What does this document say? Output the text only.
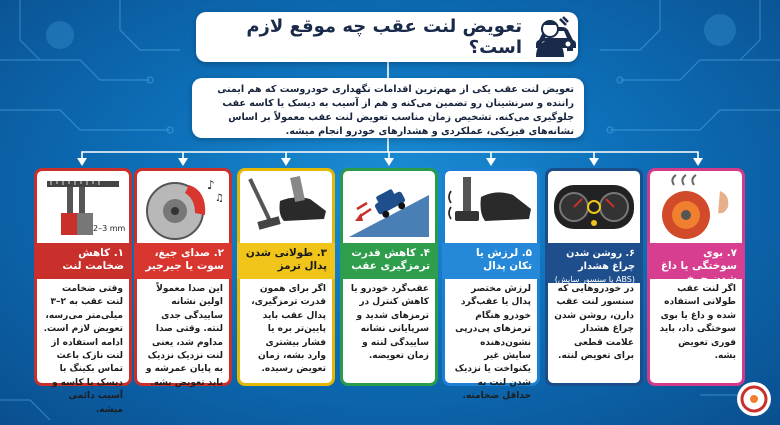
تعویض لنت عقب چه موقع لازم است؟
تعویض لنت عقب یکی از مهم‌ترین اقدامات نگهداری خودروست که هم ایمنی راننده و سرنشینان رو تضمین می‌کنه و هم از آسیب به دیسک یا کاسه عقب جلوگیری می‌کنه. تشخیص زمان مناسب تعویض لنت عقب معمولاً بر اساس نشانه‌های فیزیکی، عملکردی و هشدارهای خودرو انجام میشه.
2–3 mm
۱. کاهش ضخامت لنت
وقتی ضخامت لنت عقب به ۲–۳ میلی‌متر می‌رسه، تعویض لازم است. ادامه استفاده از لنت نازک باعث تماس بکینگ با دیسک یا کاسه و آسیب دائمی میشه.
♪
♫
۲. صدای جیغ، سوت یا جیرجیر
این صدا معمولاً اولین نشانه ساییدگی جدی لنته. وقتی صدا مداوم شد، یعنی لنت نزدیک نزدیک به پایان عمرشه و باید تعویض بشه.
۳. طولانی شدن پدال ترمز
اگر برای همون قدرت ترمزگیری، پدال عقب باید پایین‌تر بره یا فشار بیشتری وارد بشه، زمان تعویض رسیده.
۴. کاهش قدرت ترمزگیری عقب
عقب‌گرد خودرو یا کاهش کنترل در ترمزهای شدید و سرپایانی نشانه ساییدگی لنته و زمان تعویضه.
۵. لرزش یا تکان پدال
لرزش مختصر پدال یا عقب‌گرد خودرو هنگام ترمزهای پی‌درپی نشون‌دهنده سایش غیر یکنواخت یا نزدیک شدن لنت به حداقل ضخامته.
۶. روشن شدن چراغ هشدار
(ABS یا سنسور سایش)
در خودروهایی که سنسور لنت عقب دارن، روشن شدن چراغ هشدار علامت قطعی برای تعویض لنته.
۷. بوی سوختگی یا داغ شدن چرخ
اگر لنت عقب طولانی استفاده شده و داغ یا بوی سوختگی داد، باید فوری تعویض بشه.
